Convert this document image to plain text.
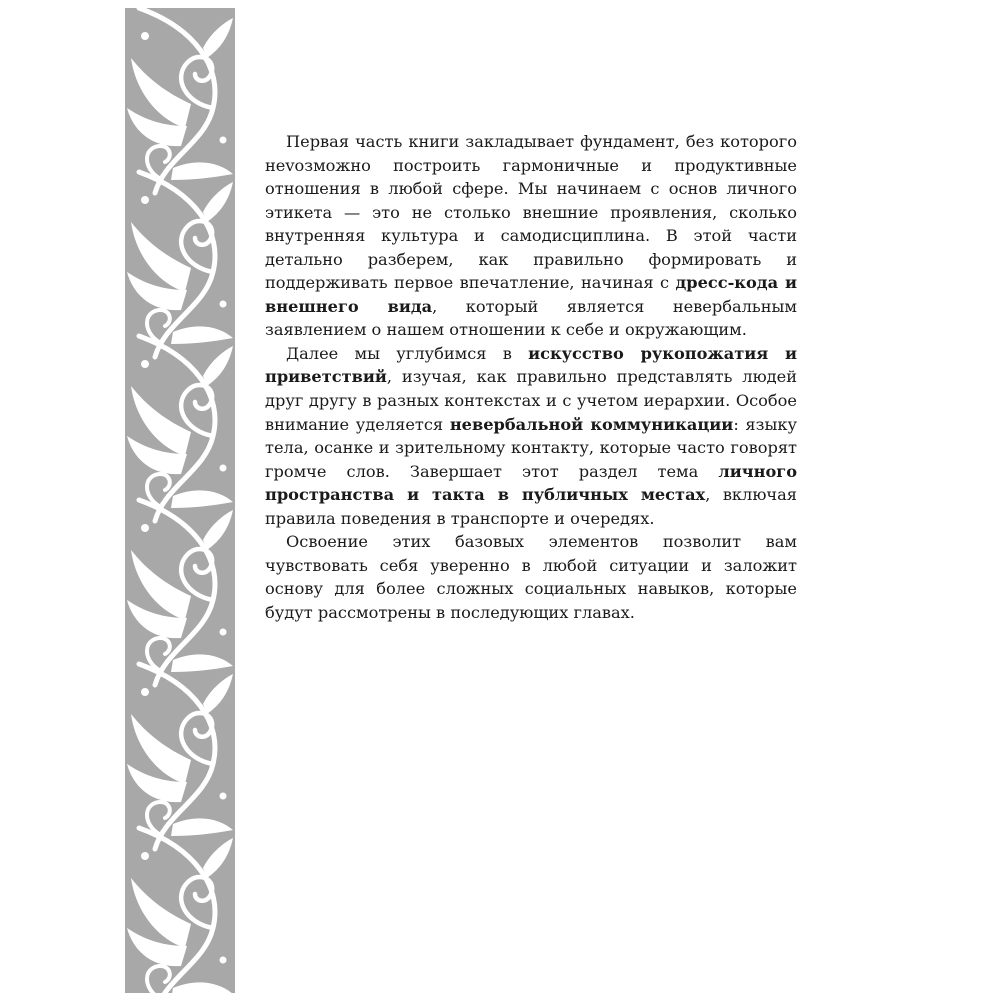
Первая часть книги закладывает фундамент, без которого неvозможно построить гармоничные и продуктивные отношения в любой сфере. Мы начинаем с основ личного этикета — это не столько внешние проявления, сколько внутренняя культура и самодисциплина. В этой части детально разберем, как правильно формировать и поддерживать первое впечатление, начиная с дресс-кода и внешнего вида, который является невербальным заявлением о нашем отношении к себе и окружающим.

Далее мы углубимся в искусство рукопожатия и приветствий, изучая, как правильно представлять людей друг другу в разных контекстах и с учетом иерархии. Особое внимание уделяется невербальной коммуникации: языку тела, осанке и зрительному контакту, которые часто говорят громче слов. Завершает этот раздел тема личного пространства и такта в публичных местах, включая правила поведения в транспорте и очередях.

Освоение этих базовых элементов позволит вам чувствовать себя уверенно в любой ситуации и заложит основу для более сложных социальных навыков, которые будут рассмотрены в последующих главах.
